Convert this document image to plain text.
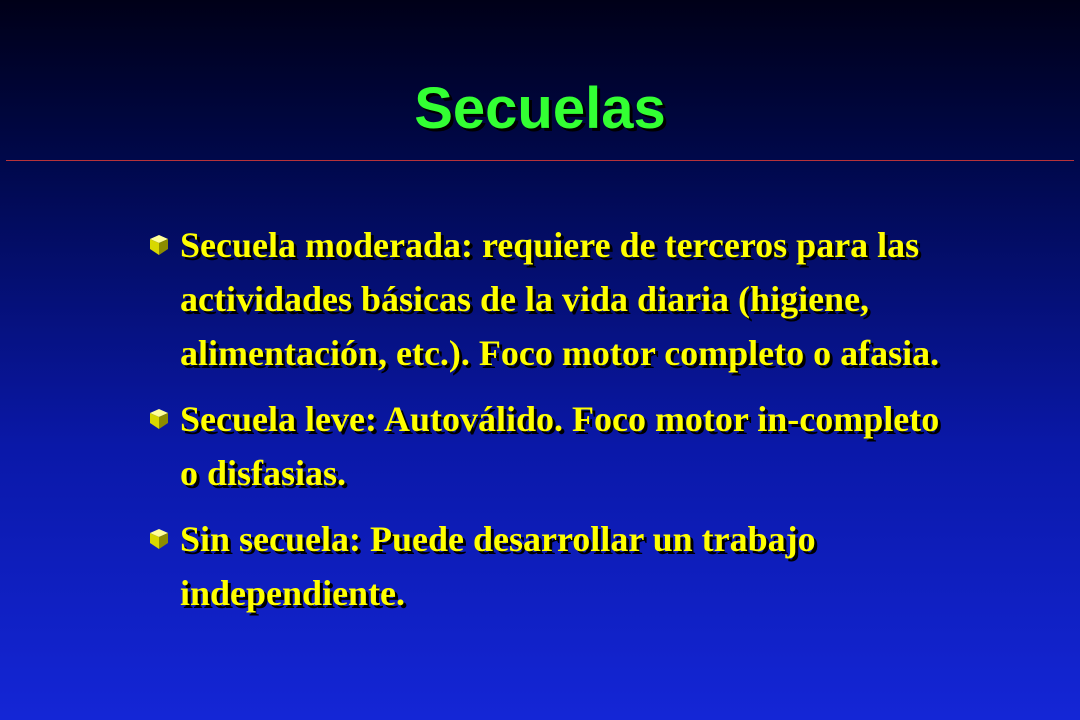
Secuelas
Secuela moderada: requiere de terceros para las actividades básicas de la vida diaria (higiene, alimentación, etc.). Foco motor completo o afasia.
Secuela leve: Autoválido. Foco motor in-completo o disfasias.
Sin secuela: Puede desarrollar un trabajo independiente.
